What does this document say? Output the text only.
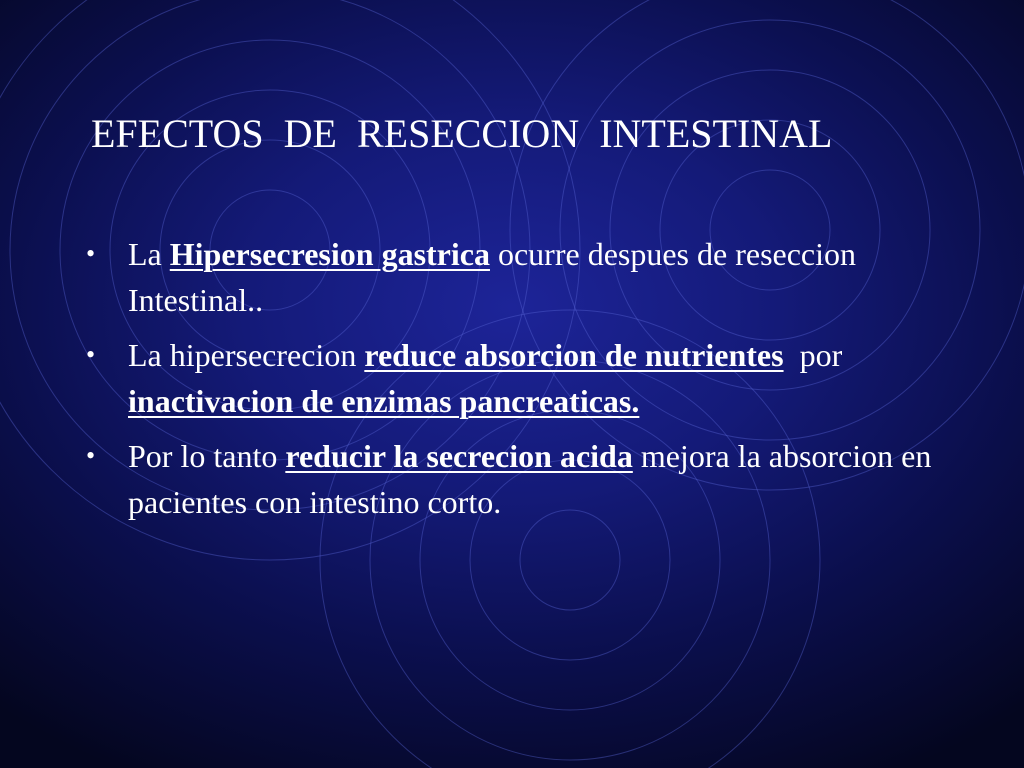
EFECTOS  DE  RESECCION  INTESTINAL
• La Hipersecresion gastrica ocurre despues de reseccion Intestinal..
• La hipersecrecion reduce absorcion de nutrientes  por inactivacion de enzimas pancreaticas.
• Por lo tanto reducir la secrecion acida mejora la absorcion en pacientes con intestino corto.
